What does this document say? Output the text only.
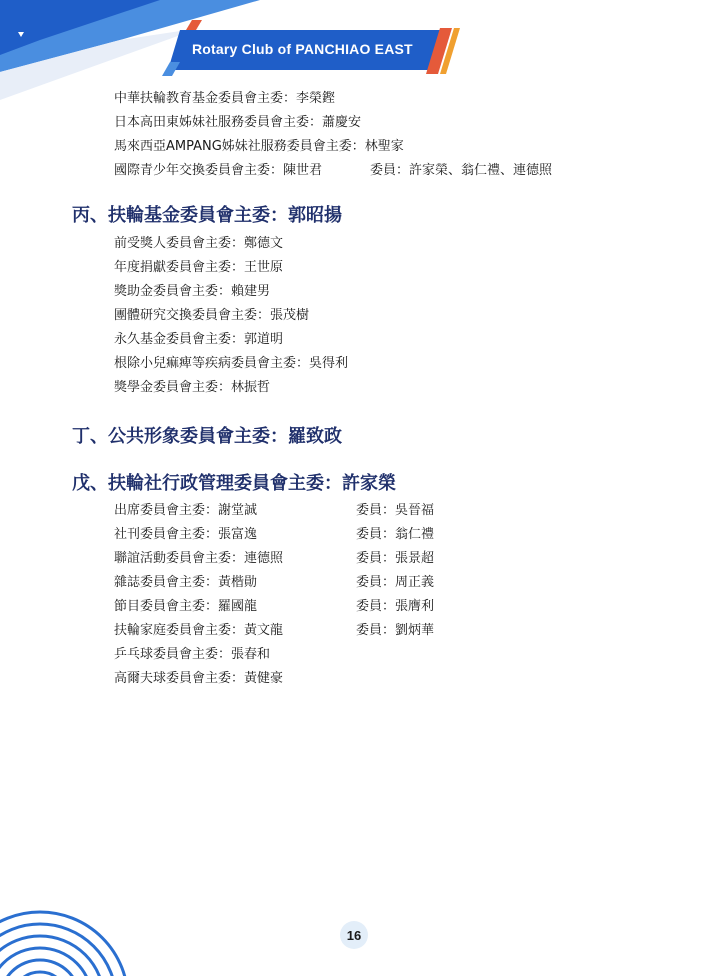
Rotary Club of PANCHIAO EAST
中華扶輪教育基金委員會主委：李榮鏗
日本高田東姊妹社服務委員會主委：蕭慶安
馬來西亞AMPANG姊妹社服務委員會主委：林聖家
國際青少年交換委員會主委：陳世君	委員：許家榮、翁仁禮、連德照
丙、扶輪基金委員會主委：郭昭揚
前受獎人委員會主委：鄭德文
年度捐獻委員會主委：王世原
獎助金委員會主委：賴建男
團體研究交換委員會主委：張茂樹
永久基金委員會主委：郭道明
根除小兒痲痺等疾病委員會主委：吳得利
獎學金委員會主委：林振哲
丁、公共形象委員會主委：羅致政
戊、扶輪社行政管理委員會主委：許家榮
出席委員會主委：謝堂誠	委員：吳晉福
社刊委員會主委：張富逸	委員：翁仁禮
聯誼活動委員會主委：連德照	委員：張景超
雜誌委員會主委：黃楷勛	委員：周正義
節目委員會主委：羅國龍	委員：張膺利
扶輪家庭委員會主委：黃文龍	委員：劉炳華
乒乓球委員會主委：張春和
高爾夫球委員會主委：黃健豪
16
